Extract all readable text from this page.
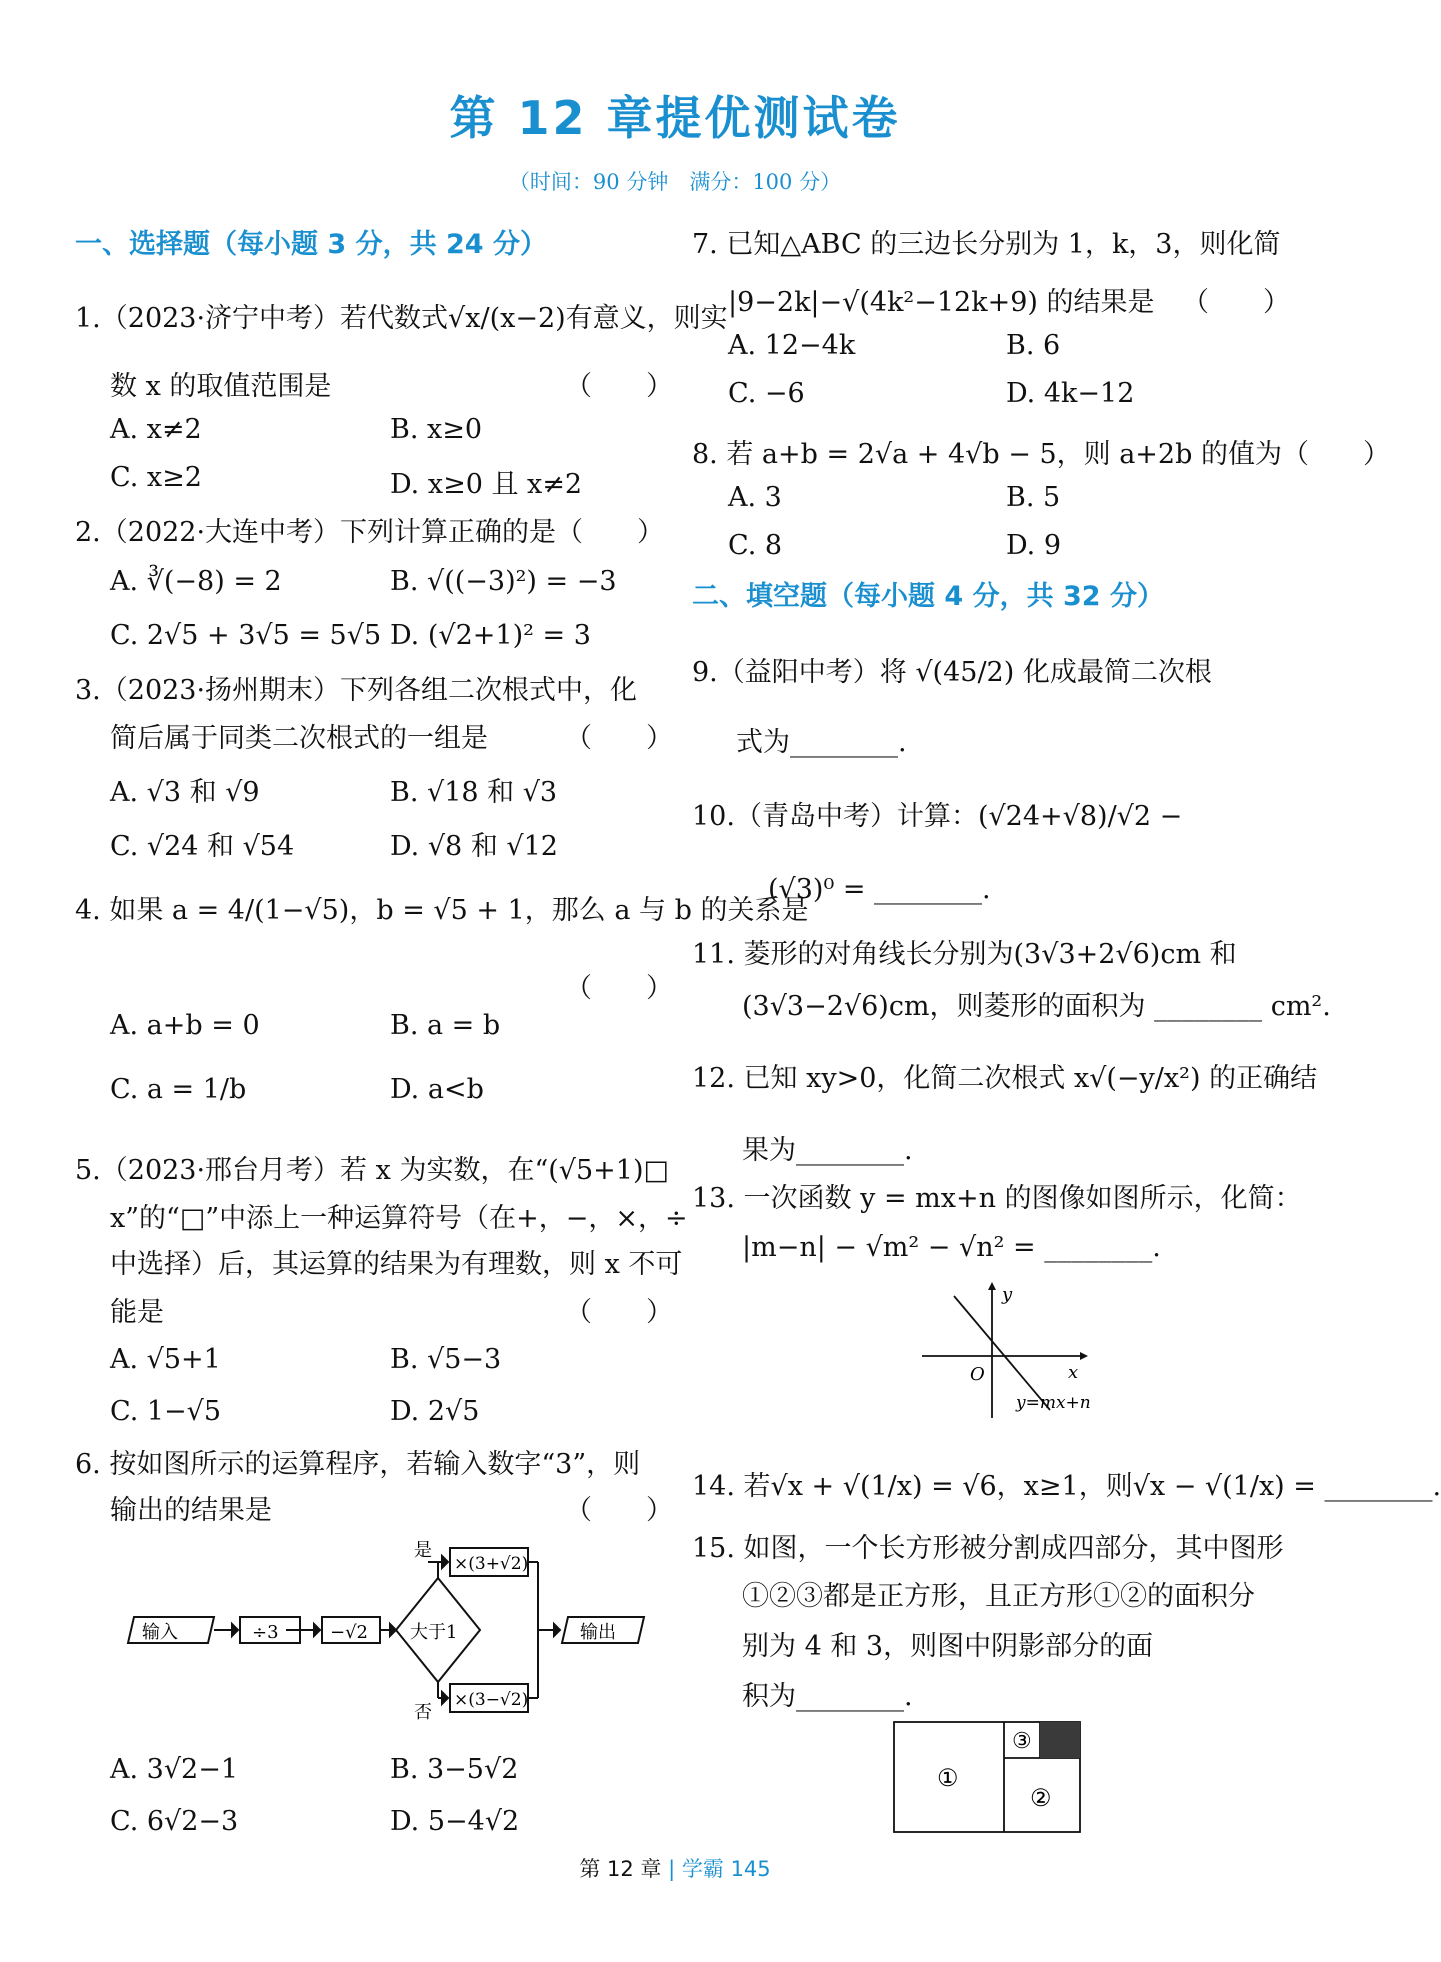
第 12 章提优测试卷
（时间：90 分钟　满分：100 分）
一、选择题（每小题 3 分，共 24 分）
1.（2023·济宁中考）若代数式√x/(x−2)有意义，则实
数 x 的取值范围是	（　　）
A. x≠2	B. x≥0
C. x≥2	D. x≥0 且 x≠2
2.（2022·大连中考）下列计算正确的是（　　）
A. ∛(−8) = 2	B. √((−3)²) = −3
C. 2√5 + 3√5 = 5√5 D. (√2+1)² = 3
3.（2023·扬州期末）下列各组二次根式中，化
简后属于同类二次根式的一组是	（　　）
A. √3 和 √9	B. √18 和 √3
C. √24 和 √54	D. √8 和 √12
4. 如果 a = 4/(1−√5)，b = √5 + 1，那么 a 与 b 的关系是
（　　）
A. a+b = 0	B. a = b
C. a = 1/b	D. a<b
5.（2023·邢台月考）若 x 为实数，在“(√5+1)□
x”的“□”中添上一种运算符号（在+，−，×，÷
中选择）后，其运算的结果为有理数，则 x 不可
能是	（　　）
A. √5+1	B. √5−3
C. 1−√5	D. 2√5
6. 按如图所示的运算程序，若输入数字“3”，则
输出的结果是	（　　）
输入	÷3	−√2 大于1
是
否
×(3+√2)
×(3−√2)
输出
A. 3√2−1	B. 3−5√2
C. 6√2−3	D. 5−4√2
7. 已知△ABC 的三边长分别为 1，k，3，则化简
|9−2k|−√(4k²−12k+9) 的结果是 （　　）
A. 12−4k	B. 6
C. −6	D. 4k−12
8. 若 a+b = 2√a + 4√b − 5，则 a+2b 的值为（　　）
A. 3	B. 5
C. 8	D. 9
二、填空题（每小题 4 分，共 32 分）
9.（益阳中考）将 √(45/2) 化成最简二次根
式为________.
10.（青岛中考）计算：(√24+√8)/√2 −
(√3)⁰ = ________.
11. 菱形的对角线长分别为(3√3+2√6)cm 和
(3√3−2√6)cm，则菱形的面积为 ________ cm².
12. 已知 xy>0，化简二次根式 x√(−y/x²) 的正确结
果为________.
13. 一次函数 y = mx+n 的图像如图所示，化简：
|m−n| − √m² − √n² = ________.
y
x
O
y=mx+n
14. 若√x + √(1/x) = √6，x≥1，则√x − √(1/x) = ________.
15. 如图，一个长方形被分割成四部分，其中图形
①②③都是正方形，且正方形①②的面积分
别为 4 和 3，则图中阴影部分的面
积为________.
①
③
②
第 12 章 | 学霸 145
